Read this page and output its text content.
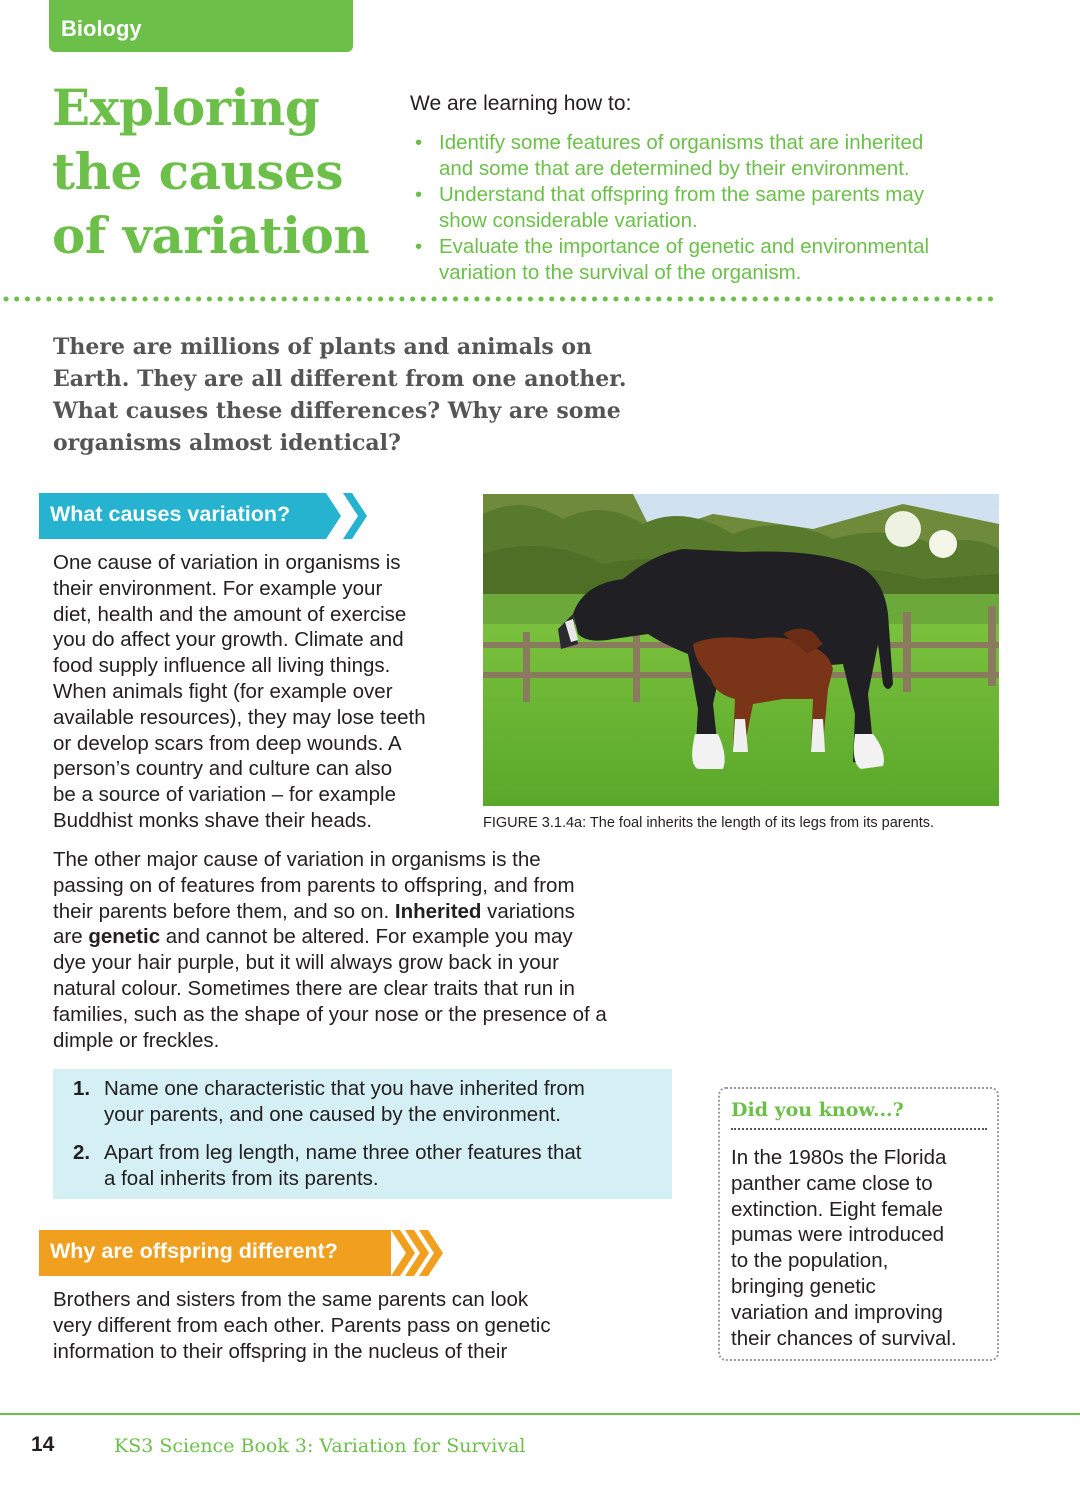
Biology
Exploring
the causes
of variation
We are learning how to:
• Identify some features of organisms that are inherited
and some that are determined by their environment.
• Understand that offspring from the same parents may
show considerable variation.
• Evaluate the importance of genetic and environmental
variation to the survival of the organism.
There are millions of plants and animals on
Earth. They are all different from one another.
What causes these differences? Why are some
organisms almost identical?
What causes variation?
One cause of variation in organisms is
their environment. For example your
diet, health and the amount of exercise
you do affect your growth. Climate and
food supply influence all living things.
When animals fight (for example over
available resources), they may lose teeth
or develop scars from deep wounds. A
person’s country and culture can also
be a source of variation – for example
Buddhist monks shave their heads.	FIGURE 3.1.4a: The foal inherits the length of its legs from its parents.
The other major cause of variation in organisms is the
passing on of features from parents to offspring, and from
their parents before them, and so on. Inherited variations
are genetic and cannot be altered. For example you may
dye your hair purple, but it will always grow back in your
natural colour. Sometimes there are clear traits that run in
families, such as the shape of your nose or the presence of a
dimple or freckles.
1. Name one characteristic that you have inherited from
your parents, and one caused by the environment.
2. Apart from leg length, name three other features that
a foal inherits from its parents.
Why are offspring different?
Brothers and sisters from the same parents can look
very different from each other. Parents pass on genetic
information to their offspring in the nucleus of their
Did you know...?
In the 1980s the Florida
panther came close to
extinction. Eight female
pumas were introduced
to the population,
bringing genetic
variation and improving
their chances of survival.
14	KS3 Science Book 3: Variation for Survival
